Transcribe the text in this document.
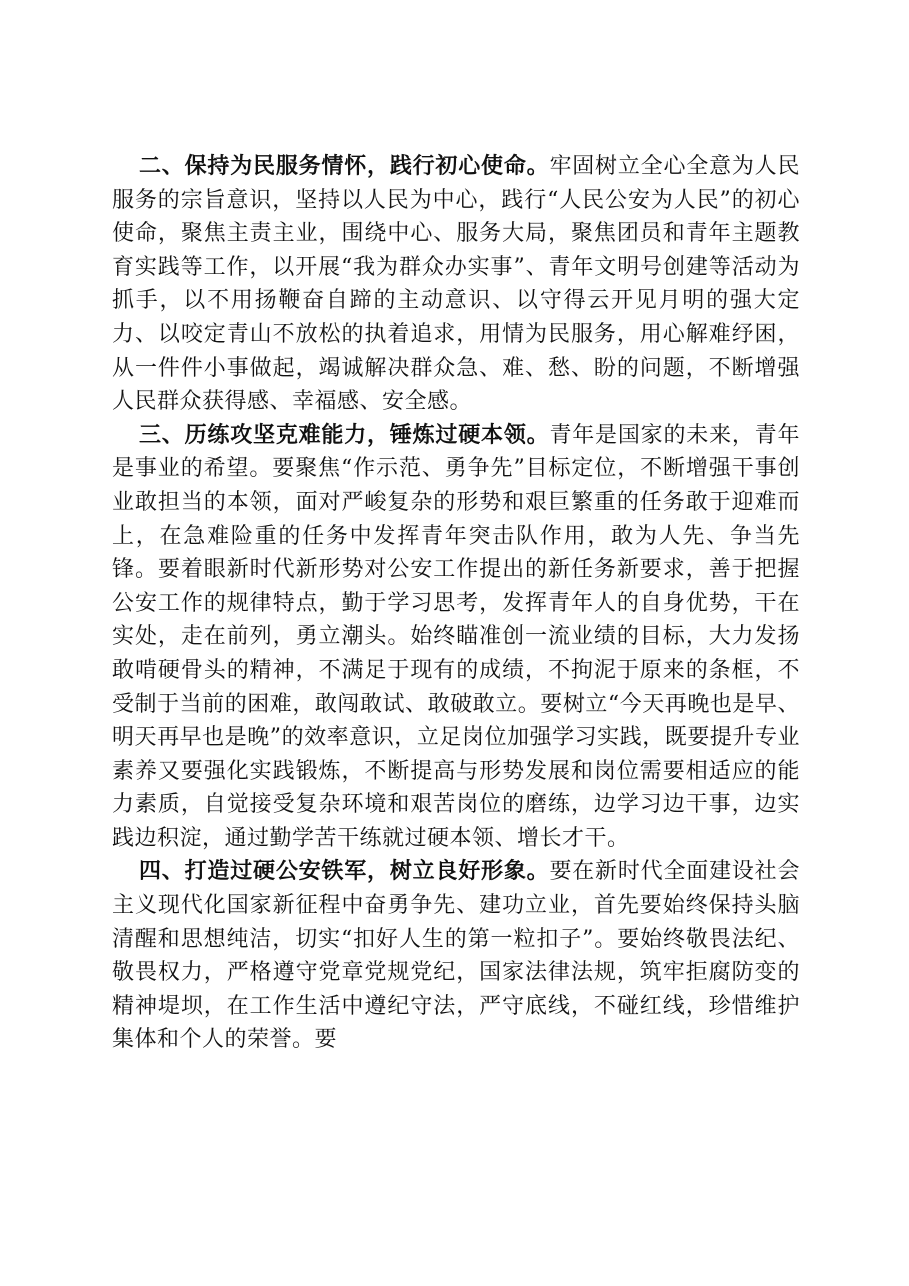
二、保持为民服务情怀，践行初心使命。牢固树立全心全意为人民服务的宗旨意识，坚持以人民为中心，践行“人民公安为人民”的初心使命，聚焦主责主业，围绕中心、服务大局，聚焦团员和青年主题教育实践等工作，以开展“我为群众办实事”、青年文明号创建等活动为抓手，以不用扬鞭奋自蹄的主动意识、以守得云开见月明的强大定力、以咬定青山不放松的执着追求，用情为民服务，用心解难纾困，从一件件小事做起，竭诚解决群众急、难、愁、盼的问题，不断增强人民群众获得感、幸福感、安全感。

三、历练攻坚克难能力，锤炼过硬本领。青年是国家的未来，青年是事业的希望。要聚焦“作示范、勇争先”目标定位，不断增强干事创业敢担当的本领，面对严峻复杂的形势和艰巨繁重的任务敢于迎难而上，在急难险重的任务中发挥青年突击队作用，敢为人先、争当先锋。要着眼新时代新形势对公安工作提出的新任务新要求，善于把握公安工作的规律特点，勤于学习思考，发挥青年人的自身优势，干在实处，走在前列，勇立潮头。始终瞄准创一流业绩的目标，大力发扬敢啃硬骨头的精神，不满足于现有的成绩，不拘泥于原来的条框，不受制于当前的困难，敢闯敢试、敢破敢立。要树立“今天再晚也是早、明天再早也是晚”的效率意识，立足岗位加强学习实践，既要提升专业素养又要强化实践锻炼，不断提高与形势发展和岗位需要相适应的能力素质，自觉接受复杂环境和艰苦岗位的磨练，边学习边干事，边实践边积淀，通过勤学苦干练就过硬本领、增长才干。

四、打造过硬公安铁军，树立良好形象。要在新时代全面建设社会主义现代化国家新征程中奋勇争先、建功立业，首先要始终保持头脑清醒和思想纯洁，切实“扣好人生的第一粒扣子”。要始终敬畏法纪、敬畏权力，严格遵守党章党规党纪，国家法律法规，筑牢拒腐防变的精神堤坝，在工作生活中遵纪守法，严守底线，不碰红线，珍惜维护集体和个人的荣誉。要
